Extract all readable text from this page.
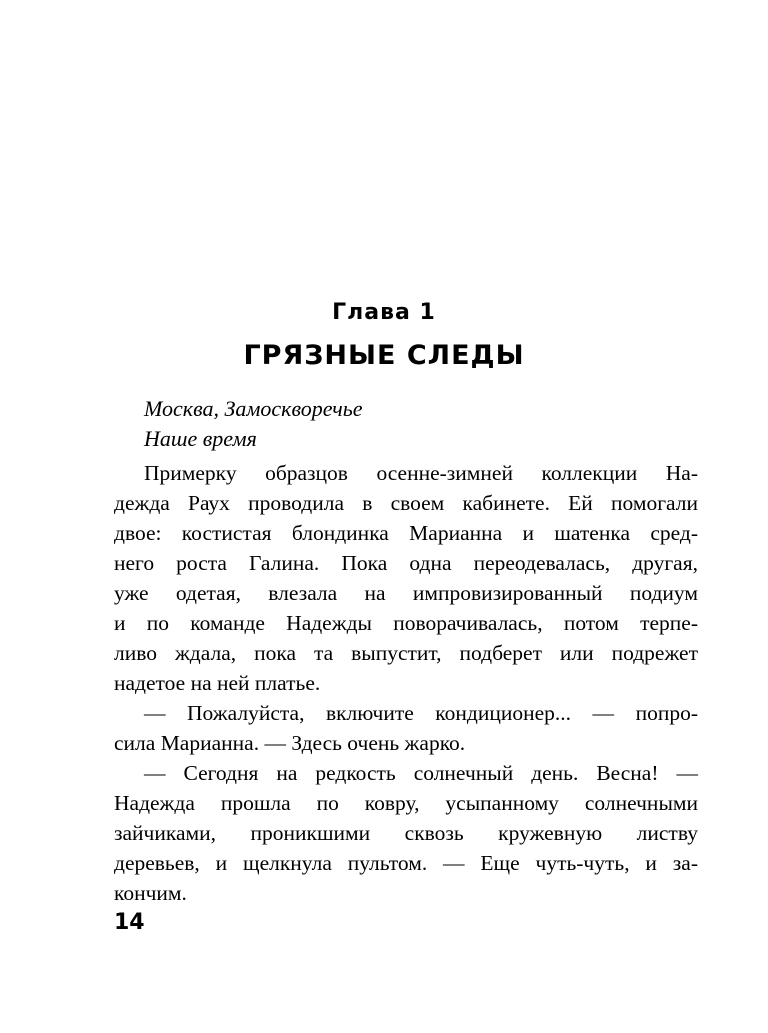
Глава 1
ГРЯЗНЫЕ СЛЕДЫ
Москва, Замоскворечье
Наше время
Примерку образцов осенне-зимней коллекции На-
дежда Раух проводила в своем кабинете. Ей помогали
двое: костистая блондинка Марианна и шатенка сред-
него роста Галина. Пока одна переодевалась, другая,
уже одетая, влезала на импровизированный подиум
и по команде Надежды поворачивалась, потом терпе-
ливо ждала, пока та выпустит, подберет или подрежет
надетое на ней платье.
— Пожалуйста, включите кондиционер... — попро-
сила Марианна. — Здесь очень жарко.
— Сегодня на редкость солнечный день. Весна! —
Надежда прошла по ковру, усыпанному солнечными
зайчиками, проникшими сквозь кружевную листву
деревьев, и щелкнула пультом. — Еще чуть-чуть, и за-
кончим.
14
